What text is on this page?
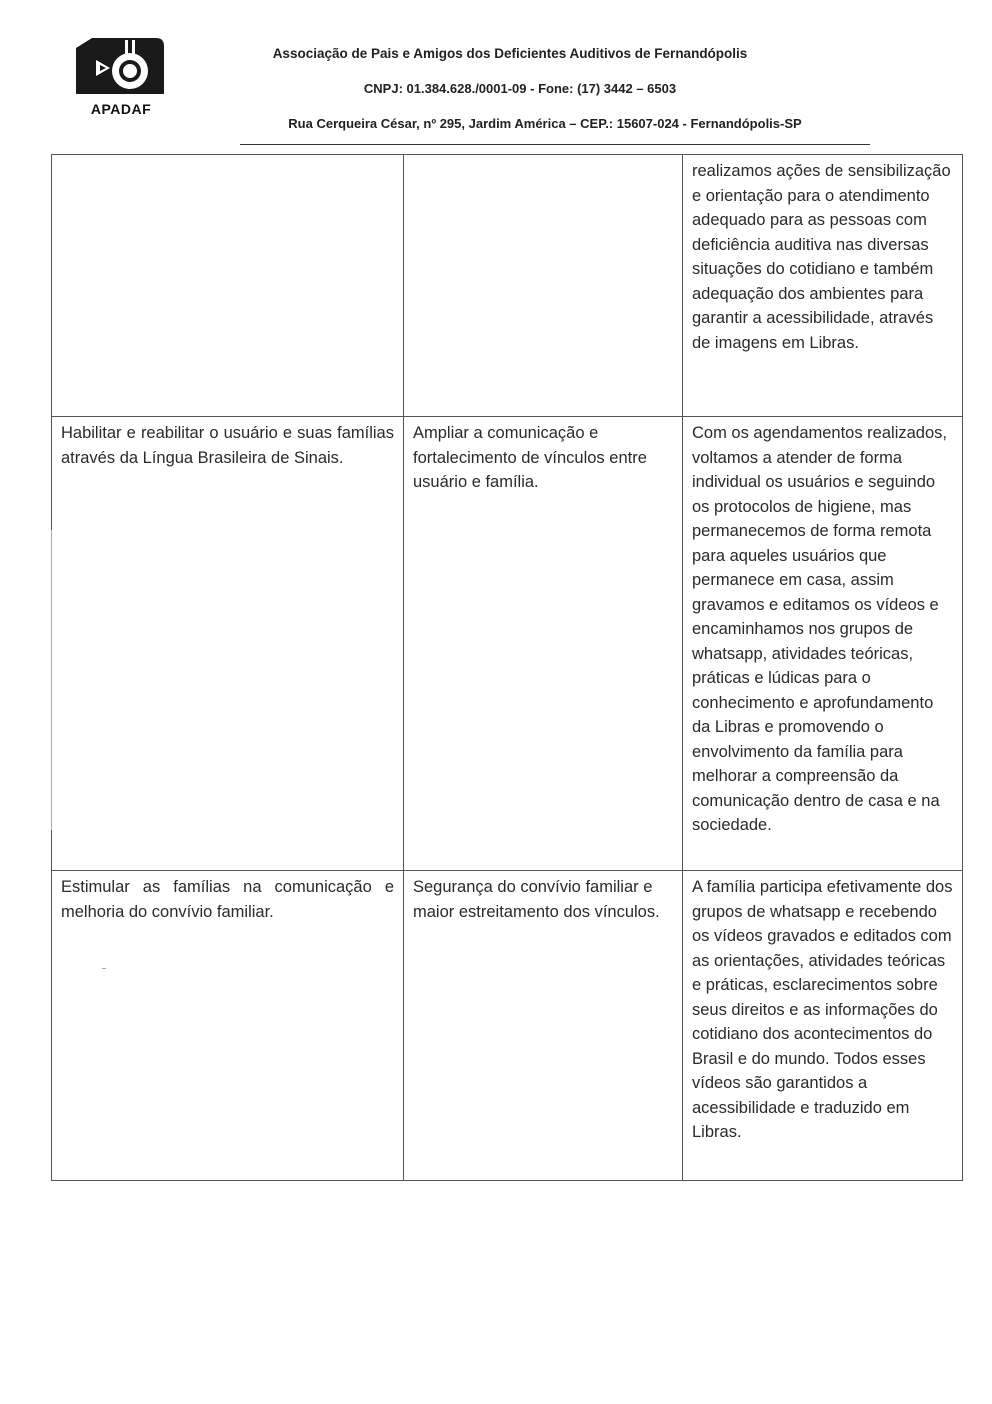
APADAF
Associação de Pais e Amigos dos Deficientes Auditivos de Fernandópolis
CNPJ: 01.384.628./0001-09 - Fone: (17) 3442 – 6503
Rua Cerqueira César, nº 295, Jardim América – CEP.: 15607-024 - Fernandópolis-SP
		realizamos ações de sensibilização e orientação para o atendimento adequado para as pessoas com deficiência auditiva nas diversas situações do cotidiano e também adequação dos ambientes para garantir a acessibilidade, através de imagens em Libras.
Habilitar e reabilitar o usuário e suas famílias através da Língua Brasileira de Sinais.	Ampliar a comunicação e fortalecimento de vínculos entre usuário e família.	Com os agendamentos realizados, voltamos a atender de forma individual os usuários e seguindo os protocolos de higiene, mas permanecemos de forma remota para aqueles usuários que permanece em casa, assim gravamos e editamos os vídeos e encaminhamos nos grupos de whatsapp, atividades teóricas, práticas e lúdicas para o conhecimento e aprofundamento da Libras e promovendo o envolvimento da família para melhorar a compreensão da comunicação dentro de casa e na sociedade.
Estimular as famílias na comunicação e melhoria do convívio familiar.	Segurança do convívio familiar e maior estreitamento dos vínculos.	A família participa efetivamente dos grupos de whatsapp e recebendo os vídeos gravados e editados com as orientações, atividades teóricas e práticas, esclarecimentos sobre seus direitos e as informações do cotidiano dos acontecimentos do Brasil e do mundo. Todos esses vídeos são garantidos a acessibilidade e traduzido em Libras.
